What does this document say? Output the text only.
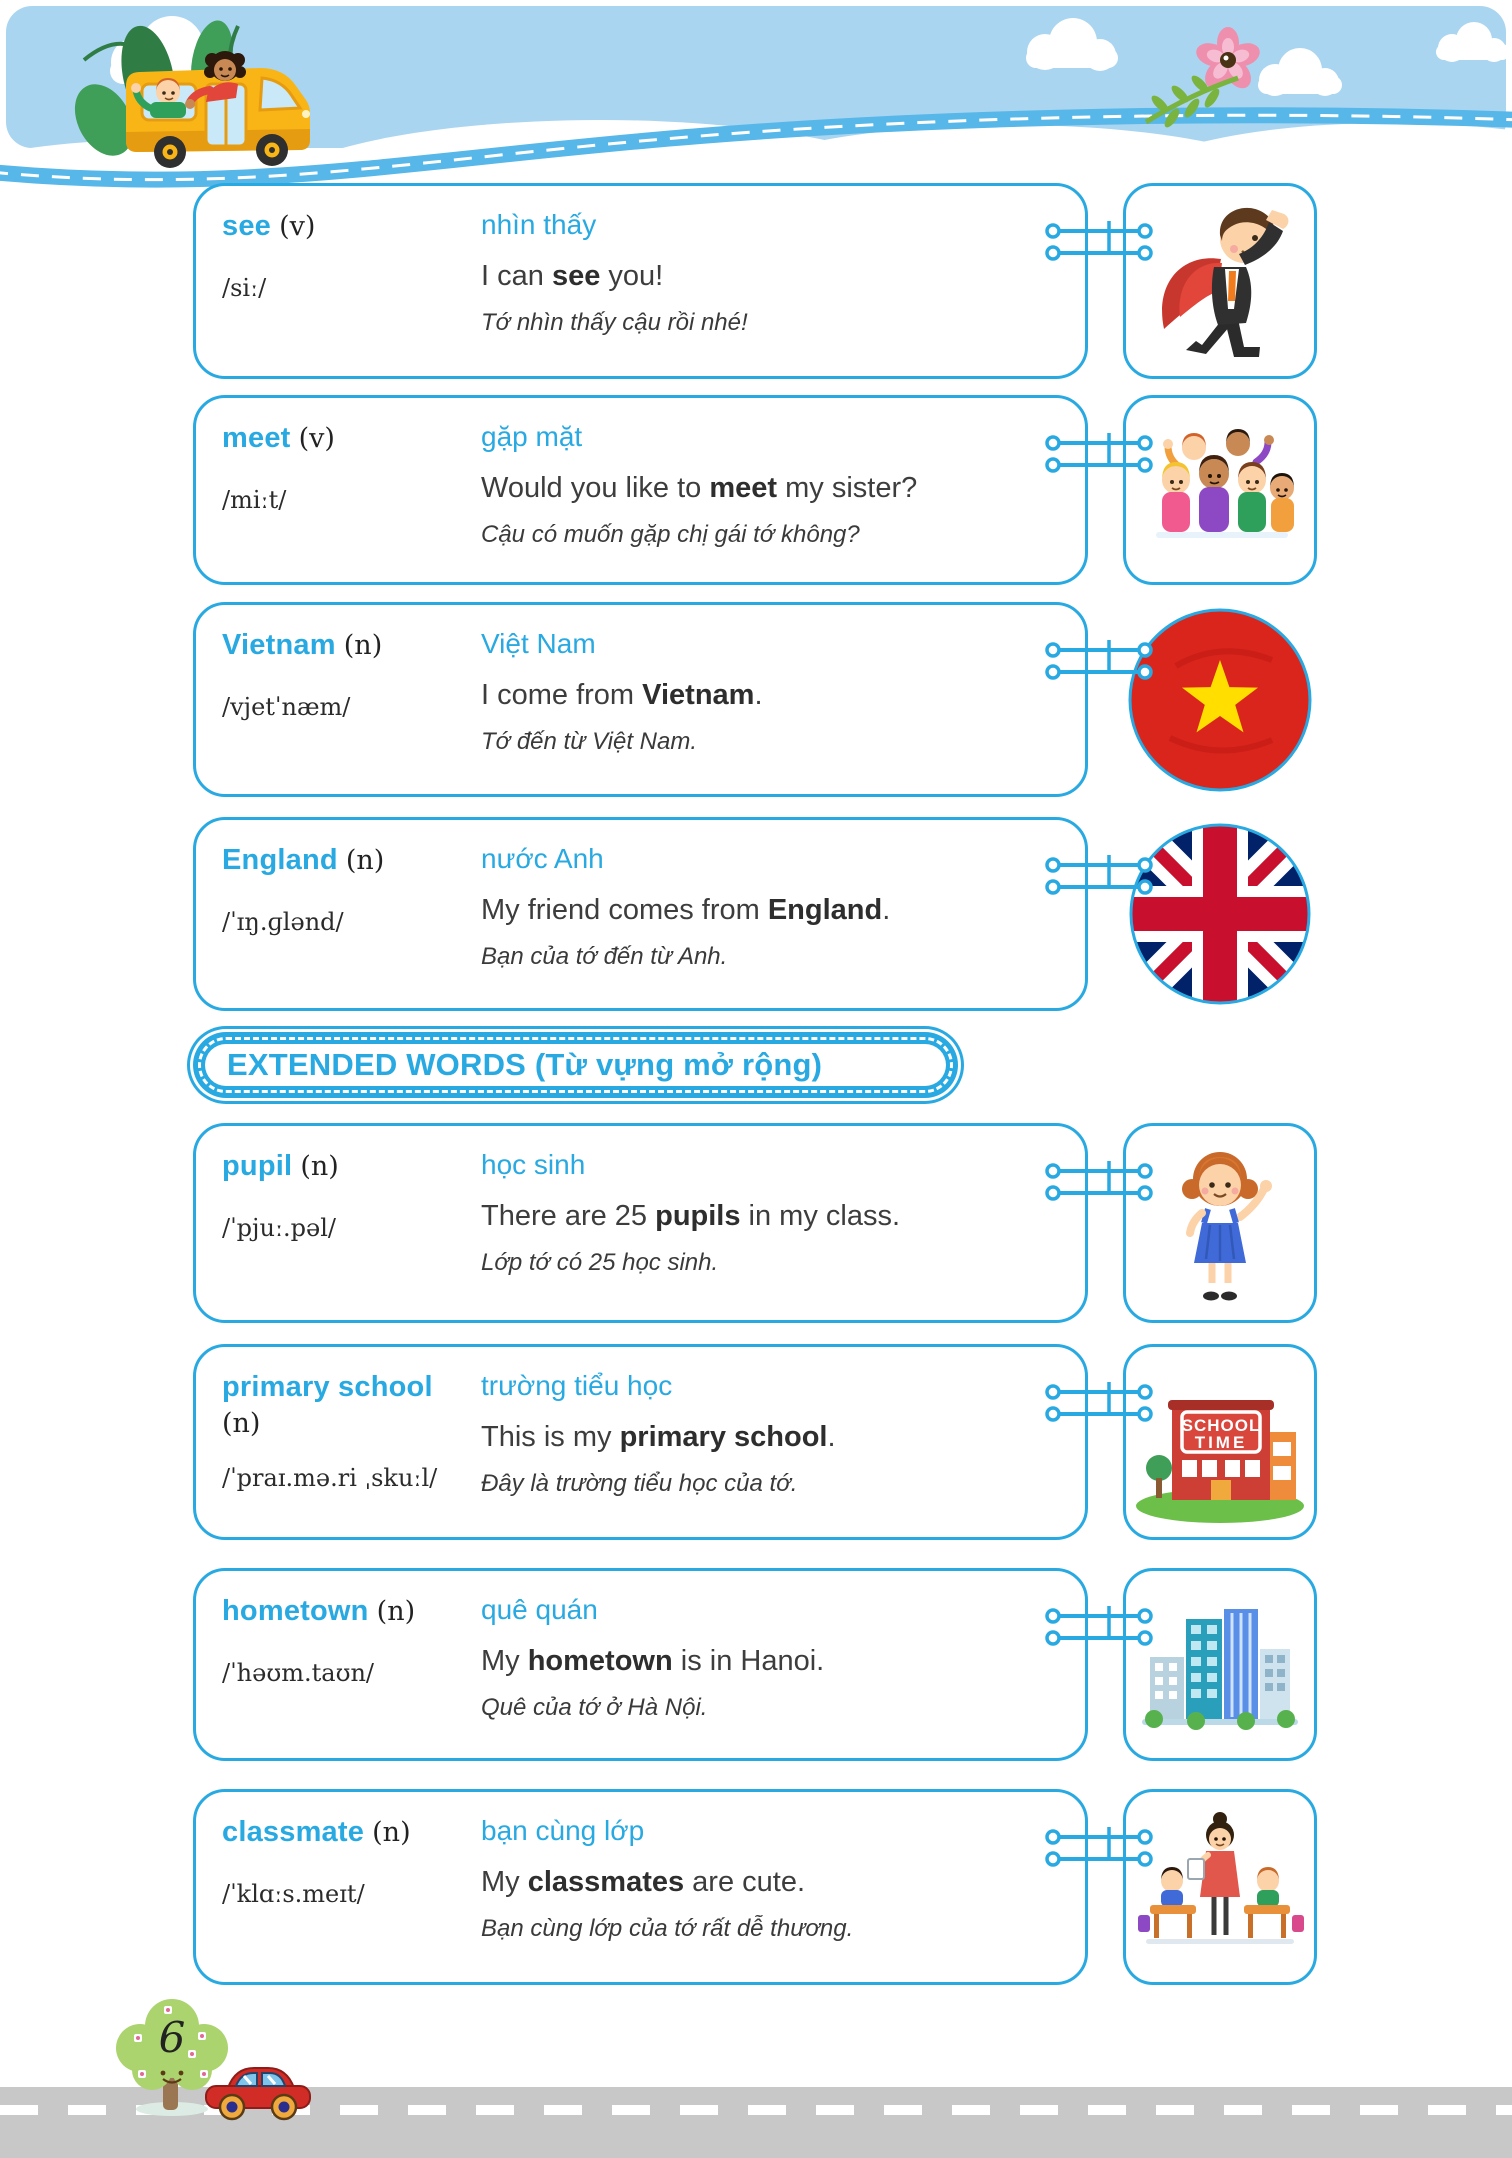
see (v)
/siː/
nhìn thấy
I can see you!
Tớ nhìn thấy cậu rồi nhé!
meet (v)
/miːt/
gặp mặt
Would you like to meet my sister?
Cậu có muốn gặp chị gái tớ không?
Vietnam (n)
/vjetˈnæm/
Việt Nam
I come from Vietnam.
Tớ đến từ Việt Nam.
England (n)
/ˈɪŋ.ɡlənd/
nước Anh
My friend comes from England.
Bạn của tớ đến từ Anh.
EXTENDED WORDS (Từ vựng mở rộng)
pupil (n)
/ˈpjuː.pəl/
học sinh
There are 25 pupils in my class.
Lớp tớ có 25 học sinh.
primary school (n)
/ˈpraɪ.mə.ri ˌskuːl/
trường tiểu học
This is my primary school.
Đây là trường tiểu học của tớ.
SCHOOL
TIME
hometown (n)
/ˈhəʊm.taʊn/
quê quán
My hometown is in Hanoi.
Quê của tớ ở Hà Nội.
classmate (n)
/ˈklɑːs.meɪt/
bạn cùng lớp
My classmates are cute.
Bạn cùng lớp của tớ rất dễ thương.
6
